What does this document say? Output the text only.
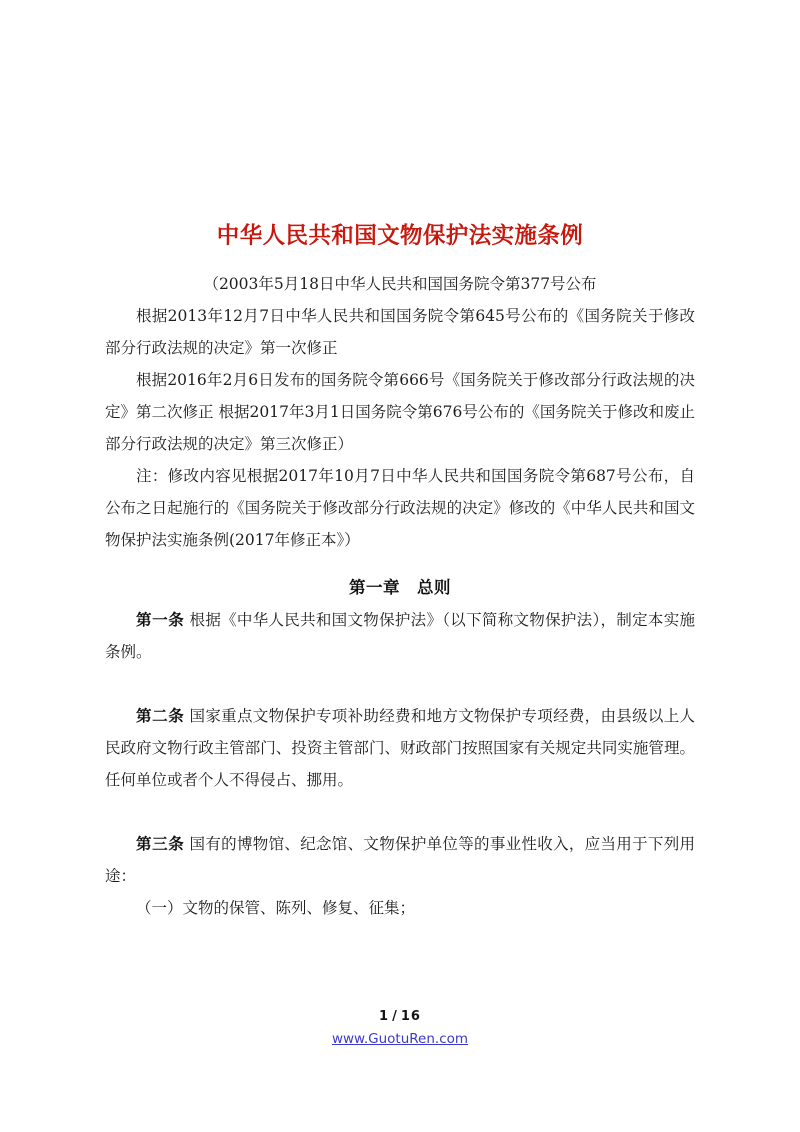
中华人民共和国文物保护法实施条例

（2003年5月18日中华人民共和国国务院令第377号公布

根据2013年12月7日中华人民共和国国务院令第645号公布的《国务院关于修改部分行政法规的决定》第一次修正

根据2016年2月6日发布的国务院令第666号《国务院关于修改部分行政法规的决定》第二次修正 根据2017年3月1日国务院令第676号公布的《国务院关于修改和废止部分行政法规的决定》第三次修正）

注：修改内容见根据2017年10月7日中华人民共和国国务院令第687号公布，自公布之日起施行的《国务院关于修改部分行政法规的决定》修改的《中华人民共和国文物保护法实施条例(2017年修正本》）

第一章　总则

第一条 根据《中华人民共和国文物保护法》（以下简称文物保护法），制定本实施条例。

第二条 国家重点文物保护专项补助经费和地方文物保护专项经费，由县级以上人民政府文物行政主管部门、投资主管部门、财政部门按照国家有关规定共同实施管理。任何单位或者个人不得侵占、挪用。

第三条 国有的博物馆、纪念馆、文物保护单位等的事业性收入，应当用于下列用途：

（一）文物的保管、陈列、修复、征集；

1 / 16
www.GuotuRen.com
